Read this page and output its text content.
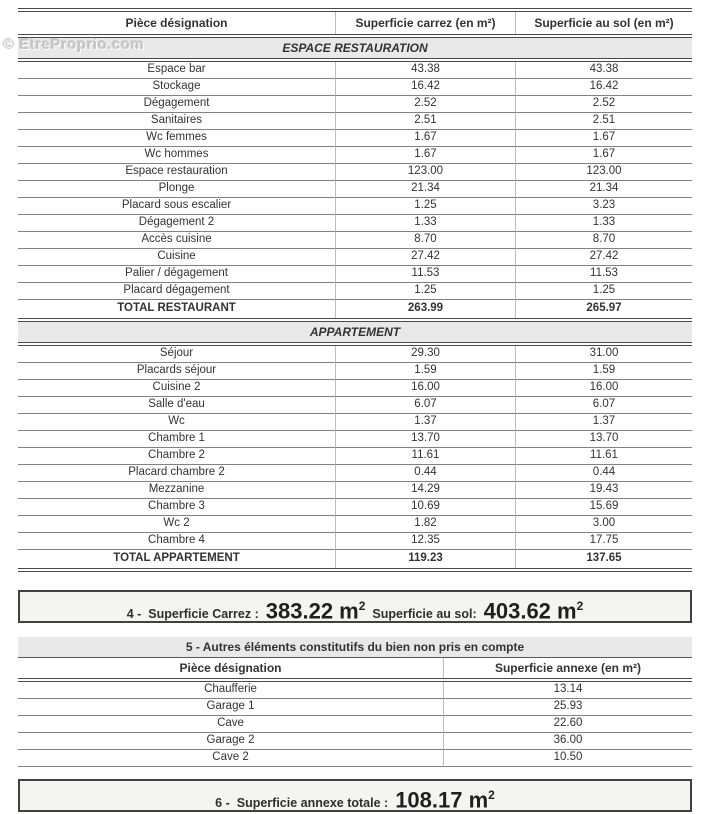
© EtreProprio.com
Pièce désignation	Superficie carrez (en m²)	Superficie au sol (en m²)
ESPACE RESTAURATION
Espace bar	43.38	43.38
Stockage	16.42	16.42
Dégagement	2.52	2.52
Sanitaires	2.51	2.51
Wc femmes	1.67	1.67
Wc hommes	1.67	1.67
Espace restauration	123.00	123.00
Plonge	21.34	21.34
Placard sous escalier	1.25	3.23
Dégagement 2	1.33	1.33
Accès cuisine	8.70	8.70
Cuisine	27.42	27.42
Palier / dégagement	11.53	11.53
Placard dégagement	1.25	1.25
TOTAL RESTAURANT	263.99	265.97
APPARTEMENT
Séjour	29.30	31.00
Placards séjour	1.59	1.59
Cuisine 2	16.00	16.00
Salle d'eau	6.07	6.07
Wc	1.37	1.37
Chambre 1	13.70	13.70
Chambre 2	11.61	11.61
Placard chambre 2	0.44	0.44
Mezzanine	14.29	19.43
Chambre 3	10.69	15.69
Wc 2	1.82	3.00
Chambre 4	12.35	17.75
TOTAL APPARTEMENT	119.23	137.65
4 - Superficie Carrez : 383.22 $m^2$
Superficie au sol: 403.62 $m^2$
5 - Autres éléments constitutifs du bien non pris en compte
Pièce désignation	Superficie annexe (en m²)
Chaufferie	13.14
Garage 1	25.93
Cave	22.60
Garage 2	36.00
Cave 2	10.50
6 - Superficie annexe totale : 108.17 $m^2$
